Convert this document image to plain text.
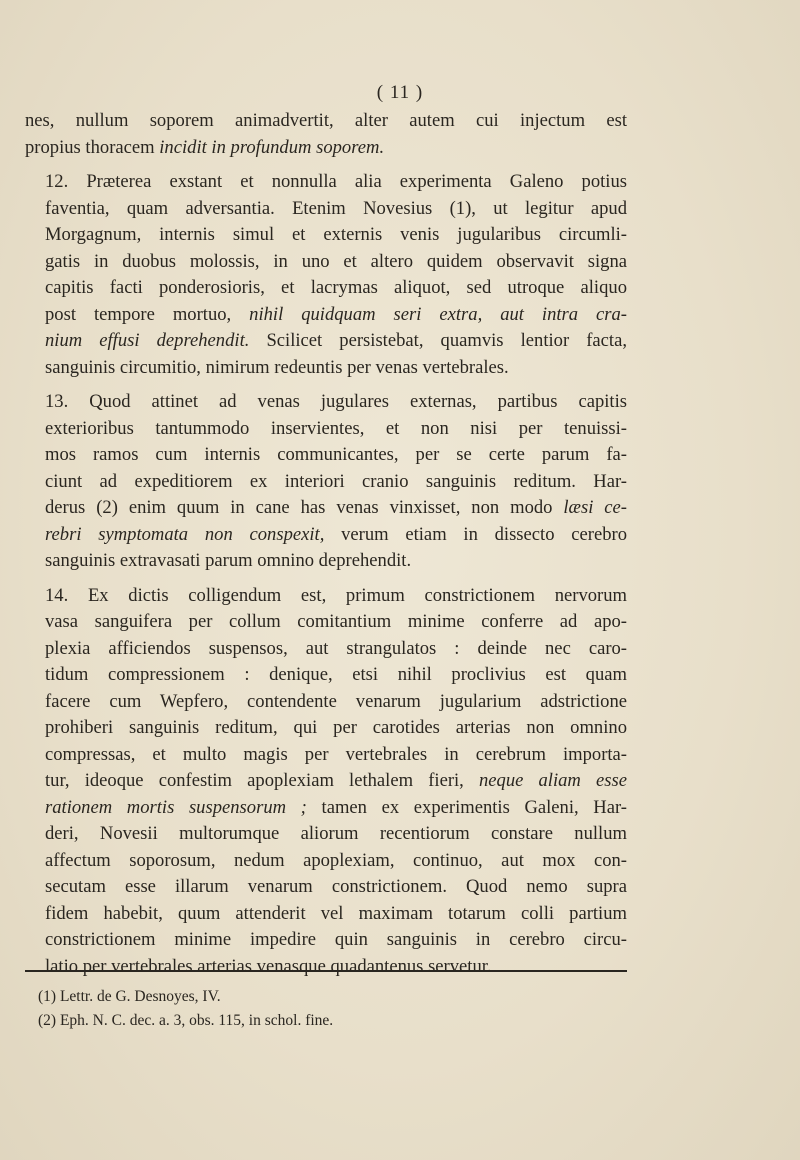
( 11 )

nes, nullum soporem animadvertit, alter autem cui injectum est
propius thoracem incidit in profundum soporem.

12. Præterea exstant et nonnulla alia experimenta Galeno potius
faventia, quam adversantia. Etenim Novesius (1), ut legitur apud
Morgagnum, internis simul et externis venis jugularibus circumli-
gatis in duobus molossis, in uno et altero quidem observavit signa
capitis facti ponderosioris, et lacrymas aliquot, sed utroque aliquo
post tempore mortuo, nihil quidquam seri extra, aut intra cra-
nium effusi deprehendit. Scilicet persistebat, quamvis lentior facta,
sanguinis circumitio, nimirum redeuntis per venas vertebrales.

13. Quod attinet ad venas jugulares externas, partibus capitis
exterioribus tantummodo inservientes, et non nisi per tenuissi-
mos ramos cum internis communicantes, per se certe parum fa-
ciunt ad expeditiorem ex interiori cranio sanguinis reditum. Har-
derus (2) enim quum in cane has venas vinxisset, non modo læsi ce-
rebri symptomata non conspexit, verum etiam in dissecto cerebro
sanguinis extravasati parum omnino deprehendit.

14. Ex dictis colligendum est, primum constrictionem nervorum
vasa sanguifera per collum comitantium minime conferre ad apo-
plexia afficiendos suspensos, aut strangulatos : deinde nec caro-
tidum compressionem : denique, etsi nihil proclivius est quam
facere cum Wepfero, contendente venarum jugularium adstrictione
prohiberi sanguinis reditum, qui per carotides arterias non omnino
compressas, et multo magis per vertebrales in cerebrum importa-
tur, ideoque confestim apoplexiam lethalem fieri, neque aliam esse
rationem mortis suspensorum ; tamen ex experimentis Galeni, Har-
deri, Novesii multorumque aliorum recentiorum constare nullum
affectum soporosum, nedum apoplexiam, continuo, aut mox con-
secutam esse illarum venarum constrictionem. Quod nemo supra
fidem habebit, quum attenderit vel maximam totarum colli partium
constrictionem minime impedire quin sanguinis in cerebro circu-
latio per vertebrales arterias venasque quadantenus servetur.

(1) Lettr. de G. Desnoyes, IV.
(2) Eph. N. C. dec. a. 3, obs. 115, in schol. fine.
